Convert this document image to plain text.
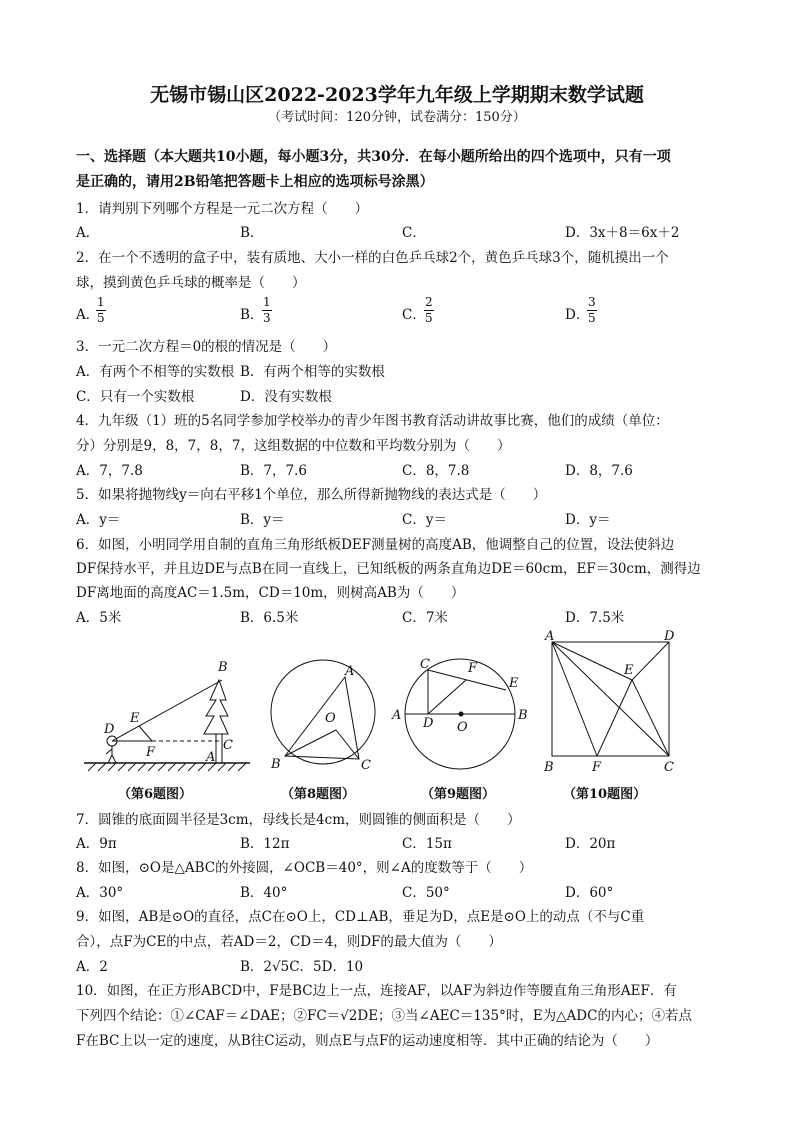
无锡市锡山区2022-2023学年九年级上学期期末数学试题
（考试时间：120分钟，试卷满分：150分）
一、选择题（本大题共10小题，每小题3分，共30分．在每小题所给出的四个选项中，只有一项
是正确的，请用2B铅笔把答题卡上相应的选项标号涂黑）
1．请判别下列哪个方程是一元二次方程（　　）
A．	B．	C．	D．3x＋8＝6x＋2
2．在一个不透明的盒子中，装有质地、大小一样的白色乒乓球2个，黄色乒乓球3个，随机摸出一个
球，摸到黄色乒乓球的概率是（　　）
A．
$\frac{1}{5}$	B．
$\frac{1}{3}$	C．
$\frac{2}{5}$	D．
$\frac{3}{5}$
3．一元二次方程＝0的根的情况是（　　）
A．有两个不相等的实数根 B．有两个相等的实数根
C．只有一个实数根	D．没有实数根
4．九年级（1）班的5名同学参加学校举办的青少年图书教育活动讲故事比赛，他们的成绩（单位：
分）分别是9，8，7，8，7，这组数据的中位数和平均数分别为（　　）
A．7，7.8	B．7，7.6	C．8，7.8	D．8，7.6
5．如果将抛物线y＝向右平移1个单位，那么所得新抛物线的表达式是（　　）
A．y＝	B．y＝	C．y＝	D．y＝
6．如图，小明同学用自制的直角三角形纸板DEF测量树的高度AB，他调整自己的位置，设法使斜边
DF保持水平，并且边DE与点B在同一直线上，已知纸板的两条直角边DE＝60cm，EF＝30cm，测得边
DF离地面的高度AC＝1.5m，CD＝10m，则树高AB为（　　）
A．5米	B．6.5米	C．7米	D．7.5米
B
E
D
F	C
A
A
O
B	C
C	F
E
A
D O
B
A	D
E
B	F	C
（第6题图）	（第8题图）	（第9题图）	（第10题图）
7．圆锥的底面圆半径是3cm，母线长是4cm，则圆锥的侧面积是（　　）
A．9π	B．12π	C．15π	D．20π
8．如图，⊙O是△ABC的外接圆，∠OCB＝40°，则∠A的度数等于（　　）
A．30°	B．40°	C．50°	D．60°
9．如图，AB是⊙O的直径，点C在⊙O上，CD⊥AB，垂足为D，点E是⊙O上的动点（不与C重
合），点F为CE的中点，若AD＝2，CD＝4，则DF的最大值为（　　）
A．2	B．2√5C．5D．10
10．如图，在正方形ABCD中，F是BC边上一点，连接AF，以AF为斜边作等腰直角三角形AEF．有
下列四个结论：①∠CAF＝∠DAE；②FC＝√2DE；③当∠AEC＝135°时，E为△ADC的内心；④若点
F在BC上以一定的速度，从B往C运动，则点E与点F的运动速度相等．其中正确的结论为（　　）
